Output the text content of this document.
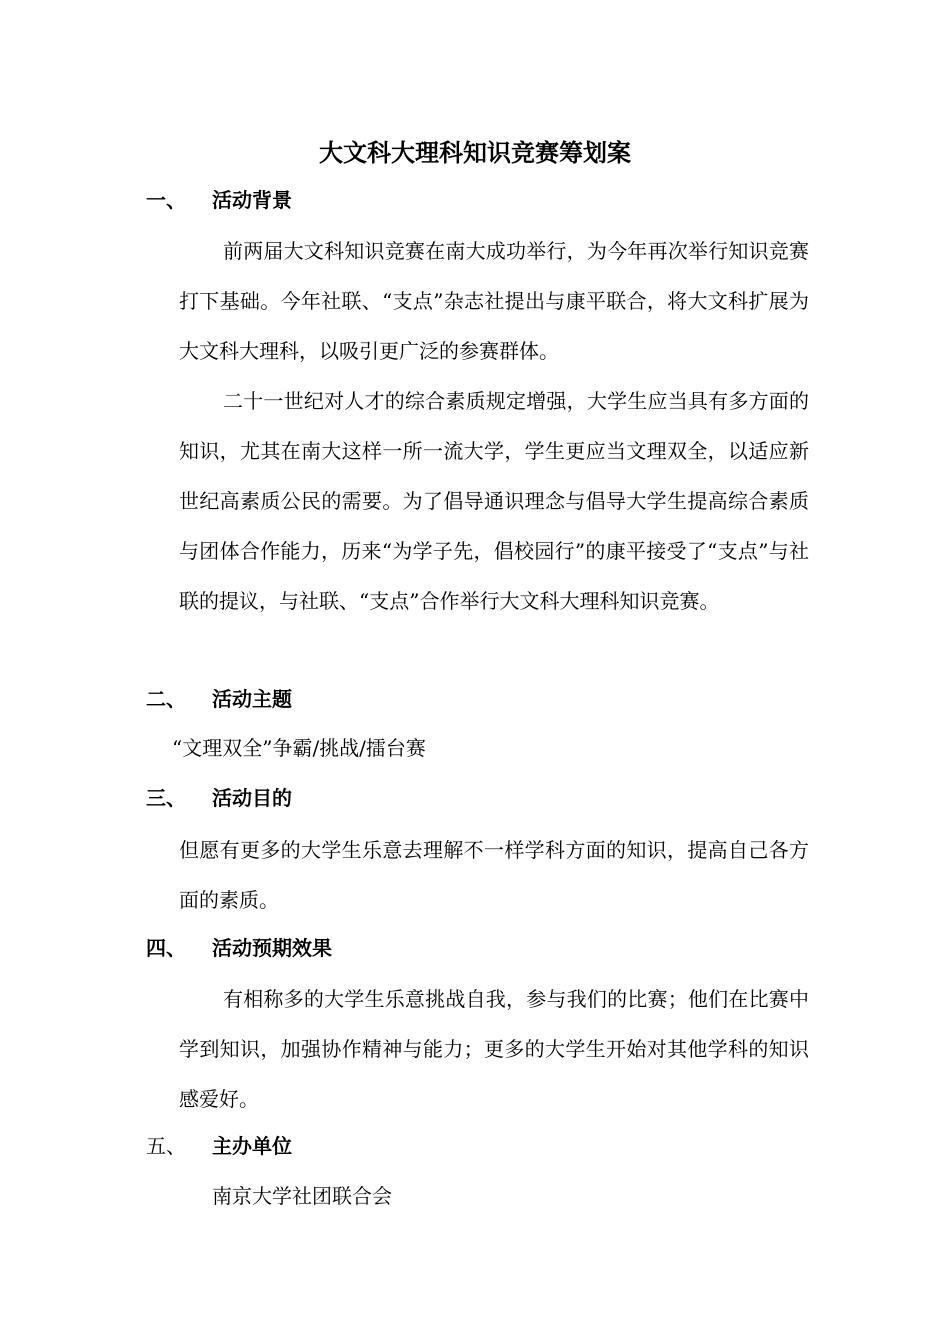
大文科大理科知识竞赛筹划案
一、 活动背景

前两届大文科知识竞赛在南大成功举行，为今年再次举行知识竞赛打下基础。今年社联、“支点”杂志社提出与康平联合，将大文科扩展为大文科大理科，以吸引更广泛的参赛群体。

二十一世纪对人才的综合素质规定增强，大学生应当具有多方面的知识，尤其在南大这样一所一流大学，学生更应当文理双全，以适应新世纪高素质公民的需要。为了倡导通识理念与倡导大学生提高综合素质与团体合作能力，历来“为学子先，倡校园行”的康平接受了“支点”与社联的提议，与社联、“支点”合作举行大文科大理科知识竞赛。

二、 活动主题
“文理双全”争霸/挑战/擂台赛
三、 活动目的

但愿有更多的大学生乐意去理解不一样学科方面的知识，提高自己各方面的素质。

四、 活动预期效果

有相称多的大学生乐意挑战自我，参与我们的比赛；他们在比赛中学到知识，加强协作精神与能力；更多的大学生开始对其他学科的知识感爱好。

五、 主办单位
南京大学社团联合会
